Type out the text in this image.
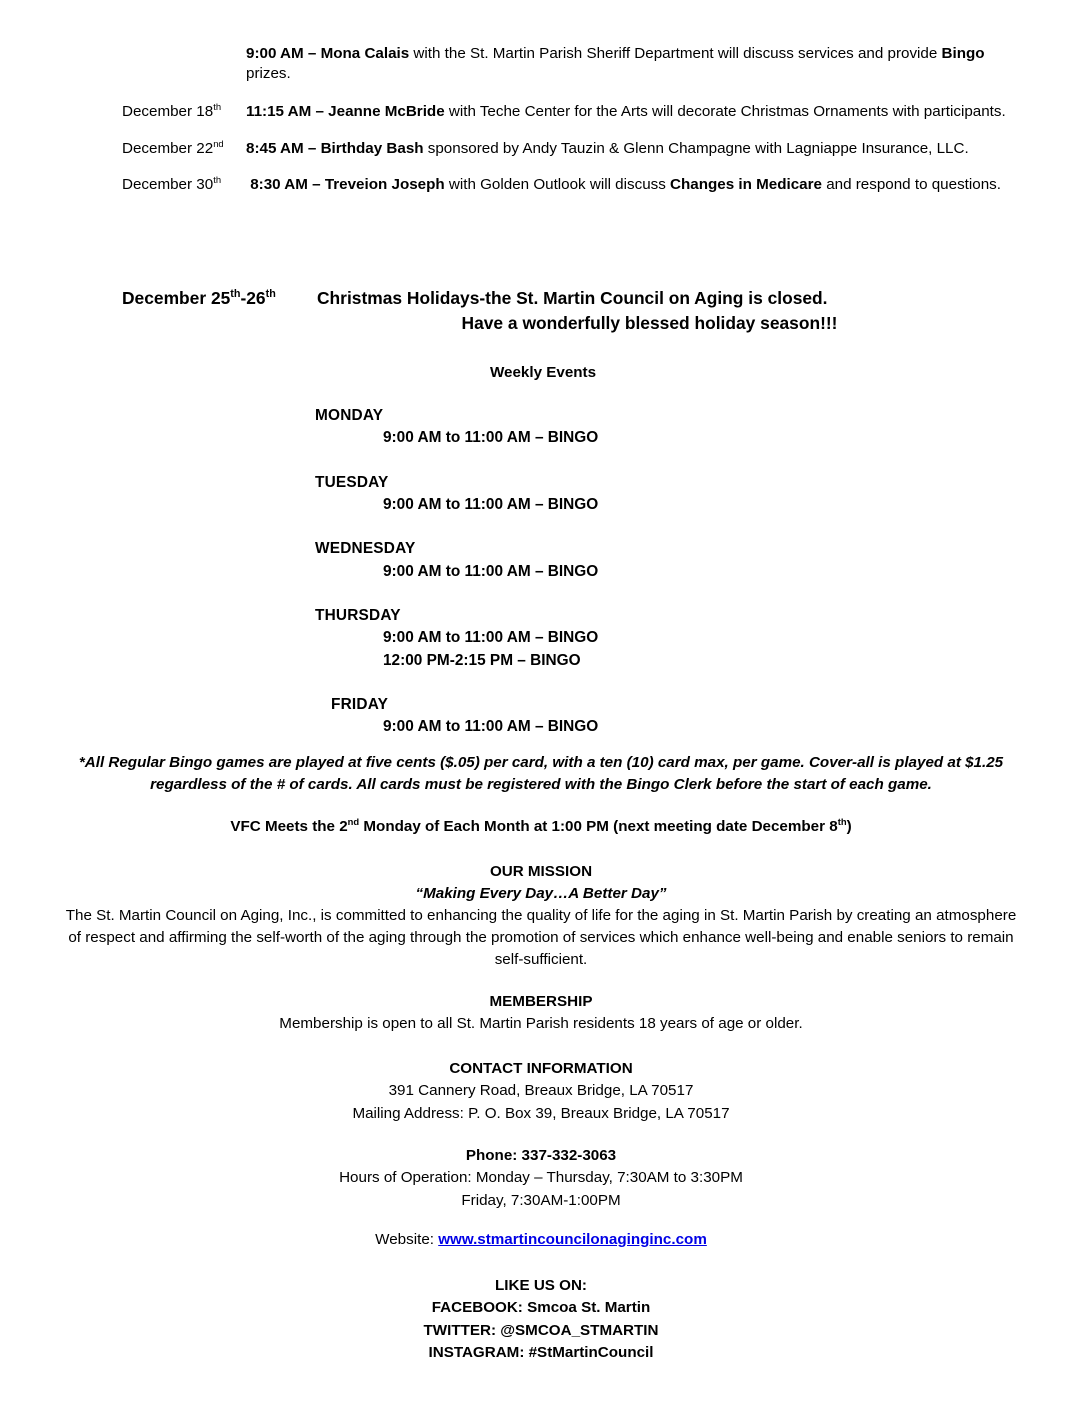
9:00 AM – Mona Calais with the St. Martin Parish Sheriff Department will discuss services and provide Bingo prizes.
December 18th	11:15 AM – Jeanne McBride with Teche Center for the Arts will decorate Christmas Ornaments with participants.
December 22nd	8:45 AM – Birthday Bash sponsored by Andy Tauzin & Glenn Champagne with Lagniappe Insurance, LLC.
December 30th	8:30 AM – Treveion Joseph with Golden Outlook will discuss Changes in Medicare and respond to questions.
December 25th-26th	Christmas Holidays-the St. Martin Council on Aging is closed.
Have a wonderfully blessed holiday season!!!
Weekly Events
MONDAY
9:00 AM to 11:00 AM – BINGO
TUESDAY
9:00 AM to 11:00 AM – BINGO
WEDNESDAY
9:00 AM to 11:00 AM – BINGO
THURSDAY
9:00 AM to 11:00 AM – BINGO
12:00 PM-2:15 PM – BINGO
FRIDAY
9:00 AM to 11:00 AM – BINGO
*All Regular Bingo games are played at five cents ($.05) per card, with a ten (10) card max, per game. Cover-all is played at $1.25 regardless of the # of cards. All cards must be registered with the Bingo Clerk before the start of each game.
VFC Meets the 2nd Monday of Each Month at 1:00 PM (next meeting date December 8th)
OUR MISSION
“Making Every Day…A Better Day”
The St. Martin Council on Aging, Inc., is committed to enhancing the quality of life for the aging in St. Martin Parish by creating an atmosphere of respect and affirming the self-worth of the aging through the promotion of services which enhance well-being and enable seniors to remain self-sufficient.
MEMBERSHIP
Membership is open to all St. Martin Parish residents 18 years of age or older.
CONTACT INFORMATION
391 Cannery Road, Breaux Bridge, LA 70517
Mailing Address: P. O. Box 39, Breaux Bridge, LA 70517
Phone: 337-332-3063
Hours of Operation: Monday – Thursday, 7:30AM to 3:30PM
Friday, 7:30AM-1:00PM
Website: www.stmartincouncilonaginginc.com
LIKE US ON:
FACEBOOK: Smcoa St. Martin
TWITTER: @SMCOA_STMARTIN
INSTAGRAM: #StMartinCouncil
